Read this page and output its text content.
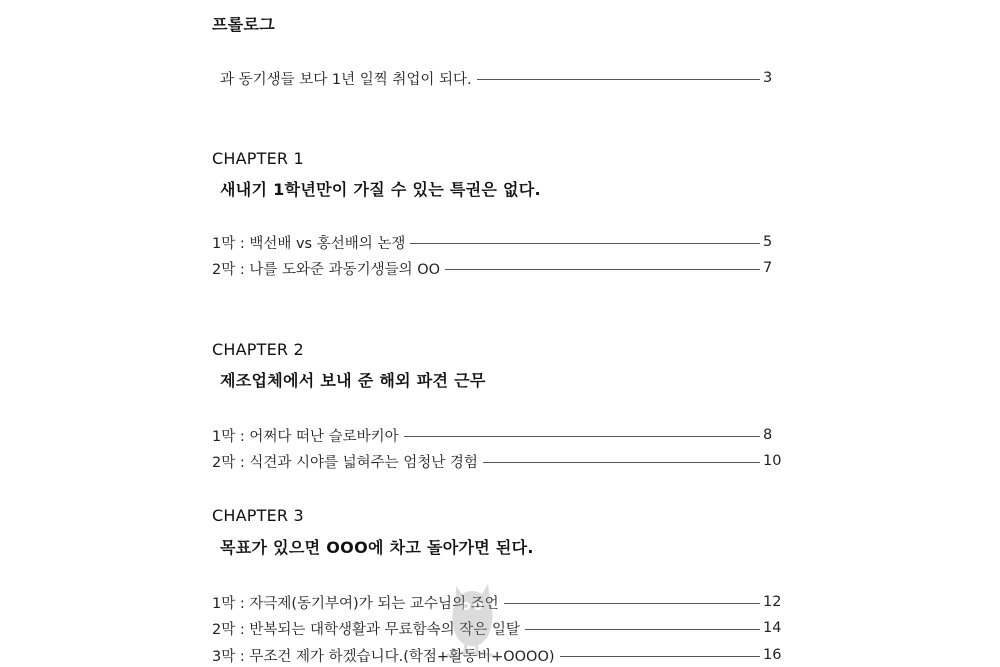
프롤로그
과 동기생들 보다 1년 일찍 취업이 되다.	3
CHAPTER 1
새내기 1학년만이 가질 수 있는 특권은 없다.
1막 : 백선배 vs 홍선배의 논쟁	5
2막 : 나를 도와준 과동기생들의 OO	7
CHAPTER 2
제조업체에서 보내 준 해외 파견 근무
1막 : 어쩌다 떠난 슬로바키아	8
2막 : 식견과 시야를 넓혀주는 엄청난 경험	10
CHAPTER 3
목표가 있으면 OOO에 차고 돌아가면 된다.
1막 : 자극제(동기부여)가 되는 교수님의 조언	12
2막 : 반복되는 대학생활과 무료함속의 작은 일탈	14
3막 : 무조건 제가 하겠습니다.(학점+활동비+OOOO)	16
